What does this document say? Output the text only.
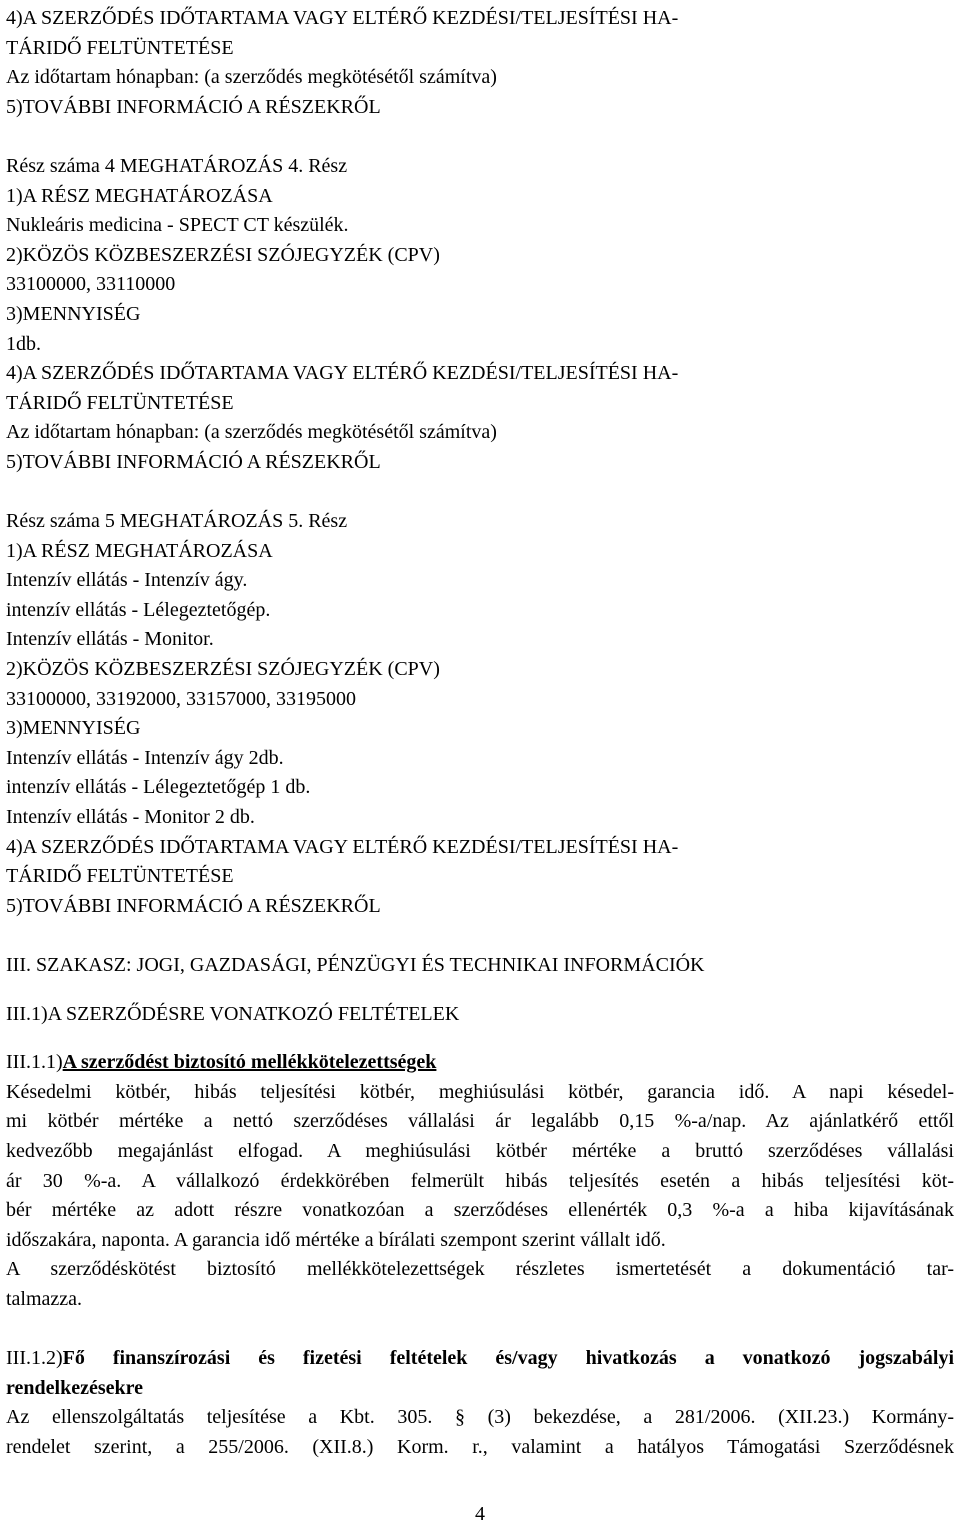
4)A SZERZŐDÉS IDŐTARTAMA VAGY ELTÉRŐ KEZDÉSI/TELJESÍTÉSI HA-
TÁRIDŐ FELTÜNTETÉSE
Az időtartam hónapban: (a szerződés megkötésétől számítva)
5)TOVÁBBI INFORMÁCIÓ A RÉSZEKRŐL
Rész száma 4 MEGHATÁROZÁS 4. Rész
1)A RÉSZ MEGHATÁROZÁSA
Nukleáris medicina - SPECT CT készülék.
2)KÖZÖS KÖZBESZERZÉSI SZÓJEGYZÉK (CPV)
33100000, 33110000
3)MENNYISÉG
1db.
4)A SZERZŐDÉS IDŐTARTAMA VAGY ELTÉRŐ KEZDÉSI/TELJESÍTÉSI HA-
TÁRIDŐ FELTÜNTETÉSE
Az időtartam hónapban: (a szerződés megkötésétől számítva)
5)TOVÁBBI INFORMÁCIÓ A RÉSZEKRŐL
Rész száma 5 MEGHATÁROZÁS 5. Rész
1)A RÉSZ MEGHATÁROZÁSA
Intenzív ellátás - Intenzív ágy.
intenzív ellátás - Lélegeztetőgép.
Intenzív ellátás - Monitor.
2)KÖZÖS KÖZBESZERZÉSI SZÓJEGYZÉK (CPV)
33100000, 33192000, 33157000, 33195000
3)MENNYISÉG
Intenzív ellátás - Intenzív ágy 2db.
intenzív ellátás - Lélegeztetőgép 1 db.
Intenzív ellátás - Monitor 2 db.
4)A SZERZŐDÉS IDŐTARTAMA VAGY ELTÉRŐ KEZDÉSI/TELJESÍTÉSI HA-
TÁRIDŐ FELTÜNTETÉSE
5)TOVÁBBI INFORMÁCIÓ A RÉSZEKRŐL
III. SZAKASZ: JOGI, GAZDASÁGI, PÉNZÜGYI ÉS TECHNIKAI INFORMÁCIÓK
III.1)A SZERZŐDÉSRE VONATKOZÓ FELTÉTELEK
III.1.1)A szerződést biztosító mellékkötelezettségek
Késedelmi kötbér, hibás teljesítési kötbér, meghiúsulási kötbér, garancia idő. A napi késedel-
mi kötbér mértéke a nettó szerződéses vállalási ár legalább 0,15 %-a/nap. Az ajánlatkérő ettől
kedvezőbb megajánlást elfogad. A meghiúsulási kötbér mértéke a bruttó szerződéses vállalási
ár 30 %-a. A vállalkozó érdekkörében felmerült hibás teljesítés esetén a hibás teljesítési köt-
bér mértéke az adott részre vonatkozóan a szerződéses ellenérték 0,3 %-a a hiba kijavításának
időszakára, naponta. A garancia idő mértéke a bírálati szempont szerint vállalt idő.
A szerződéskötést biztosító mellékkötelezettségek részletes ismertetését a dokumentáció tar-
talmazza.
III.1.2)Fő finanszírozási és fizetési feltételek és/vagy hivatkozás a vonatkozó jogszabályi
rendelkezésekre
Az ellenszolgáltatás teljesítése a Kbt. 305. § (3) bekezdése, a 281/2006. (XII.23.) Kormány-
rendelet szerint, a 255/2006. (XII.8.) Korm. r., valamint a hatályos Támogatási Szerződésnek
4
